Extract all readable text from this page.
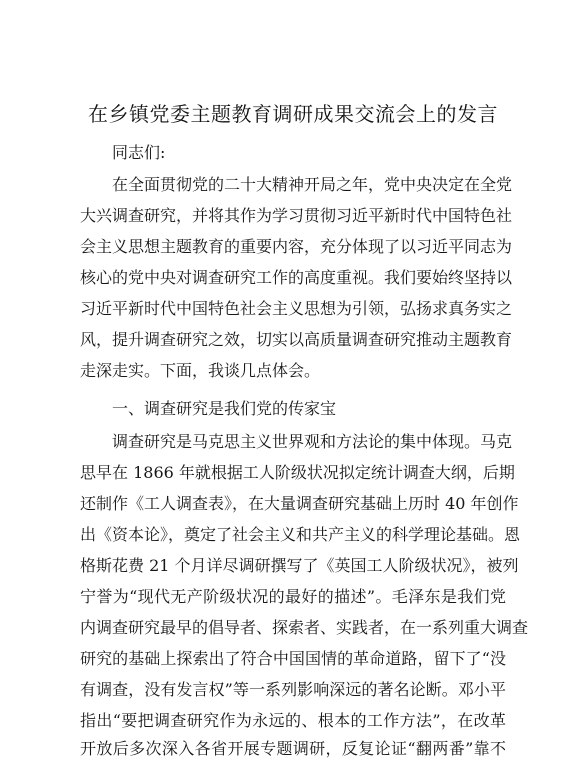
在乡镇党委主题教育调研成果交流会上的发言
同志们:
在全面贯彻党的二十大精神开局之年，党中央决定在全党
大兴调查研究，并将其作为学习贯彻习近平新时代中国特色社
会主义思想主题教育的重要内容，充分体现了以习近平同志为
核心的党中央对调查研究工作的高度重视。我们要始终坚持以
习近平新时代中国特色社会主义思想为引领，弘扬求真务实之
风，提升调查研究之效，切实以高质量调查研究推动主题教育
走深走实。下面，我谈几点体会。
一、调查研究是我们党的传家宝
调查研究是马克思主义世界观和方法论的集中体现。马克
思早在 1866 年就根据工人阶级状况拟定统计调查大纲，后期
还制作《工人调查表》，在大量调查研究基础上历时 40 年创作
出《资本论》，奠定了社会主义和共产主义的科学理论基础。恩
格斯花费 21 个月详尽调研撰写了《英国工人阶级状况》，被列
宁誉为“现代无产阶级状况的最好的描述”。毛泽东是我们党
内调查研究最早的倡导者、探索者、实践者，在一系列重大调查
研究的基础上探索出了符合中国国情的革命道路，留下了“没
有调查，没有发言权”等一系列影响深远的著名论断。邓小平
指出“要把调查研究作为永远的、根本的工作方法”，在改革
开放后多次深入各省开展专题调研，反复论证“翻两番”靠不
